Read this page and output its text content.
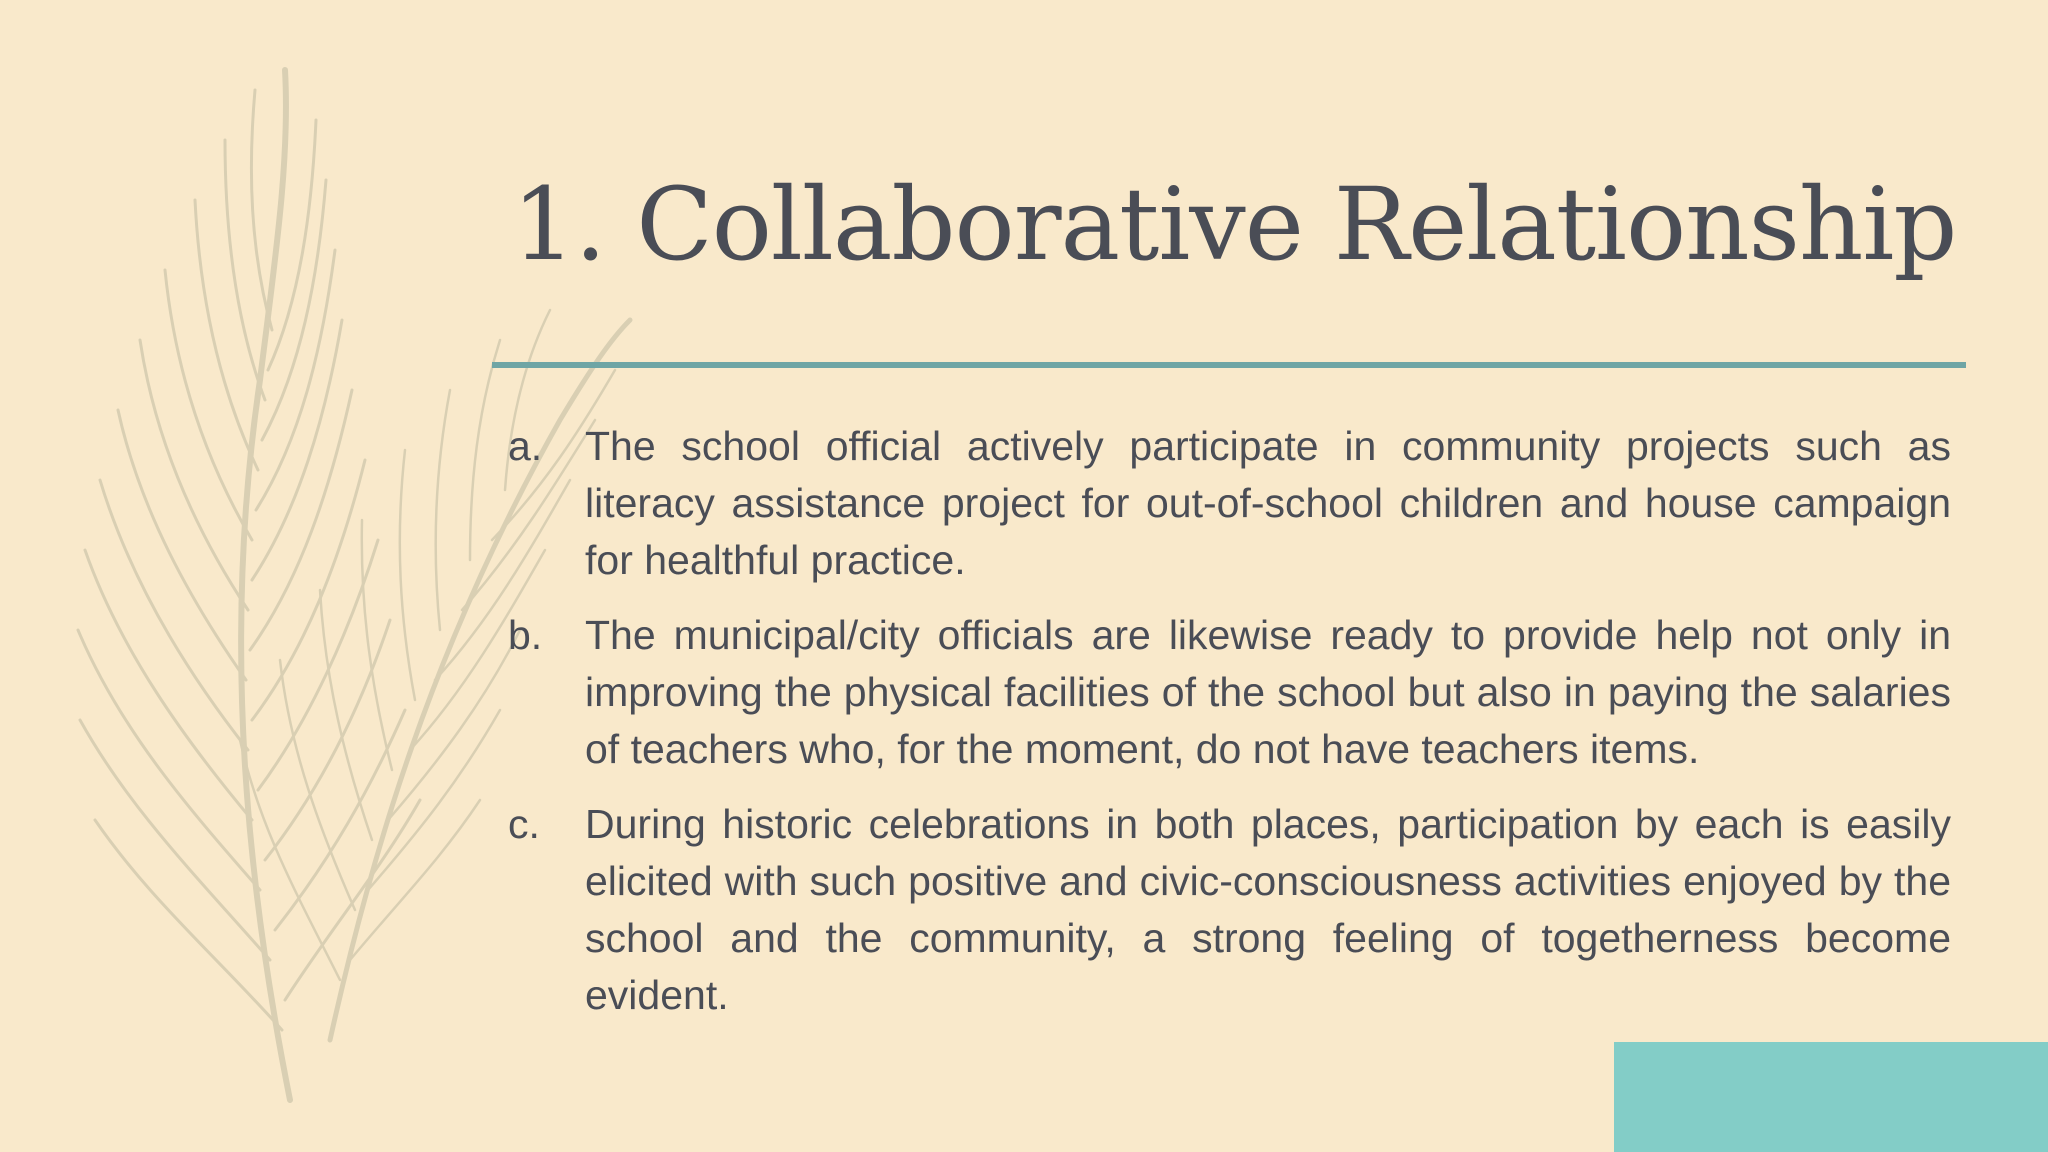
1. Collaborative Relationship
a. The school official actively participate in community projects such as literacy assistance project for out-of-school children and house campaign for healthful practice.
b. The municipal/city officials are likewise ready to provide help not only in improving the physical facilities of the school but also in paying the salaries of teachers who, for the moment, do not have teachers items.
c. During historic celebrations in both places, participation by each is easily elicited with such positive and civic-consciousness activities enjoyed by the school and the community, a strong feeling of togetherness become evident.
